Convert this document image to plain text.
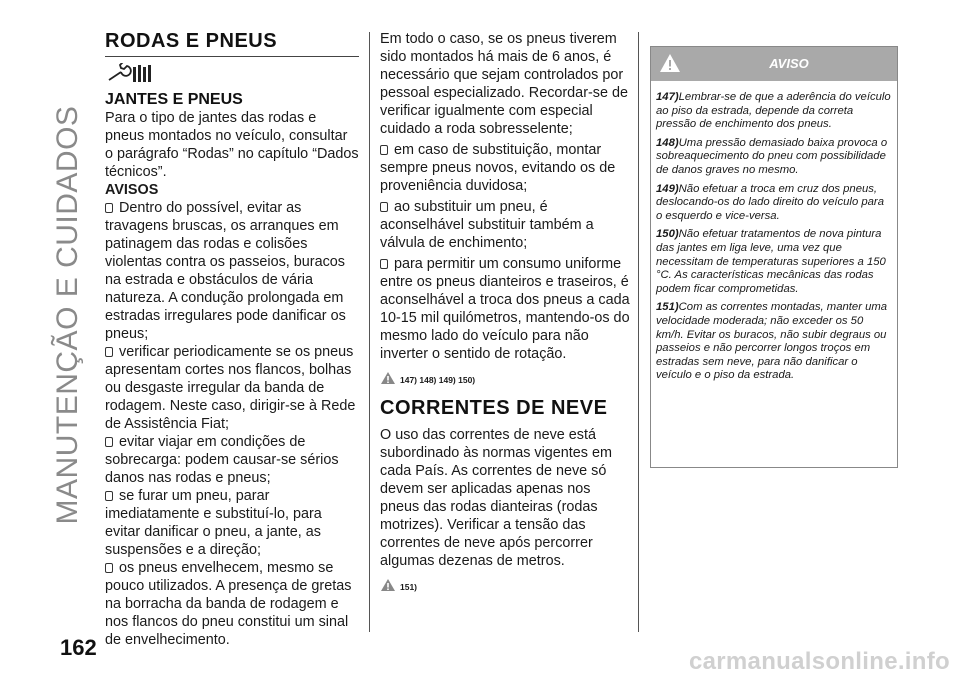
MANUTENÇÃO E CUIDADOS
162
RODAS E PNEUS
JANTES E PNEUS

Para o tipo de jantes das rodas e pneus montados no veículo, consultar o parágrafo “Rodas” no capítulo “Dados técnicos”.

AVISOS

Dentro do possível, evitar as travagens bruscas, os arranques em patinagem das rodas e colisões violentas contra os passeios, buracos na estrada e obstáculos de vária natureza. A condução prolongada em estradas irregulares pode danificar os pneus;

verificar periodicamente se os pneus apresentam cortes nos flancos, bolhas ou desgaste irregular da banda de rodagem. Neste caso, dirigir-se à Rede de Assistência Fiat;

evitar viajar em condições de sobrecarga: podem causar-se sérios danos nas rodas e pneus;

se furar um pneu, parar imediatamente e substituí-lo, para evitar danificar o pneu, a jante, as suspensões e a direção;

os pneus envelhecem, mesmo se pouco utilizados. A presença de gretas na borracha da banda de rodagem e nos flancos do pneu constitui um sinal de envelhecimento.

Em todo o caso, se os pneus tiverem sido montados há mais de 6 anos, é necessário que sejam controlados por pessoal especializado. Recordar-se de verificar igualmente com especial cuidado a roda sobresselente;

em caso de substituição, montar sempre pneus novos, evitando os de proveniência duvidosa;

ao substituir um pneu, é aconselhável substituir também a válvula de enchimento;

para permitir um consumo uniforme entre os pneus dianteiros e traseiros, é aconselhável a troca dos pneus a cada 10-15 mil quilómetros, mantendo-os do mesmo lado do veículo para não inverter o sentido de rotação.

147) 148) 149) 150)
CORRENTES DE NEVE

O uso das correntes de neve está subordinado às normas vigentes em cada País. As correntes de neve só devem ser aplicadas apenas nos pneus das rodas dianteiras (rodas motrizes). Verificar a tensão das correntes de neve após percorrer algumas dezenas de metros.

151)
AVISO

147)Lembrar-se de que a aderência do veículo ao piso da estrada, depende da correta pressão de enchimento dos pneus.

148)Uma pressão demasiado baixa provoca o sobreaquecimento do pneu com possibilidade de danos graves no mesmo.

149)Não efetuar a troca em cruz dos pneus, deslocando-os do lado direito do veículo para o esquerdo e vice-versa.

150)Não efetuar tratamentos de nova pintura das jantes em liga leve, uma vez que necessitam de temperaturas superiores a 150 °C. As características mecânicas das rodas podem ficar comprometidas.

151)Com as correntes montadas, manter uma velocidade moderada; não exceder os 50 km/h. Evitar os buracos, não subir degraus ou passeios e não percorrer longos troços em estradas sem neve, para não danificar o veículo e o piso da estrada.

carmanualsonline.info
